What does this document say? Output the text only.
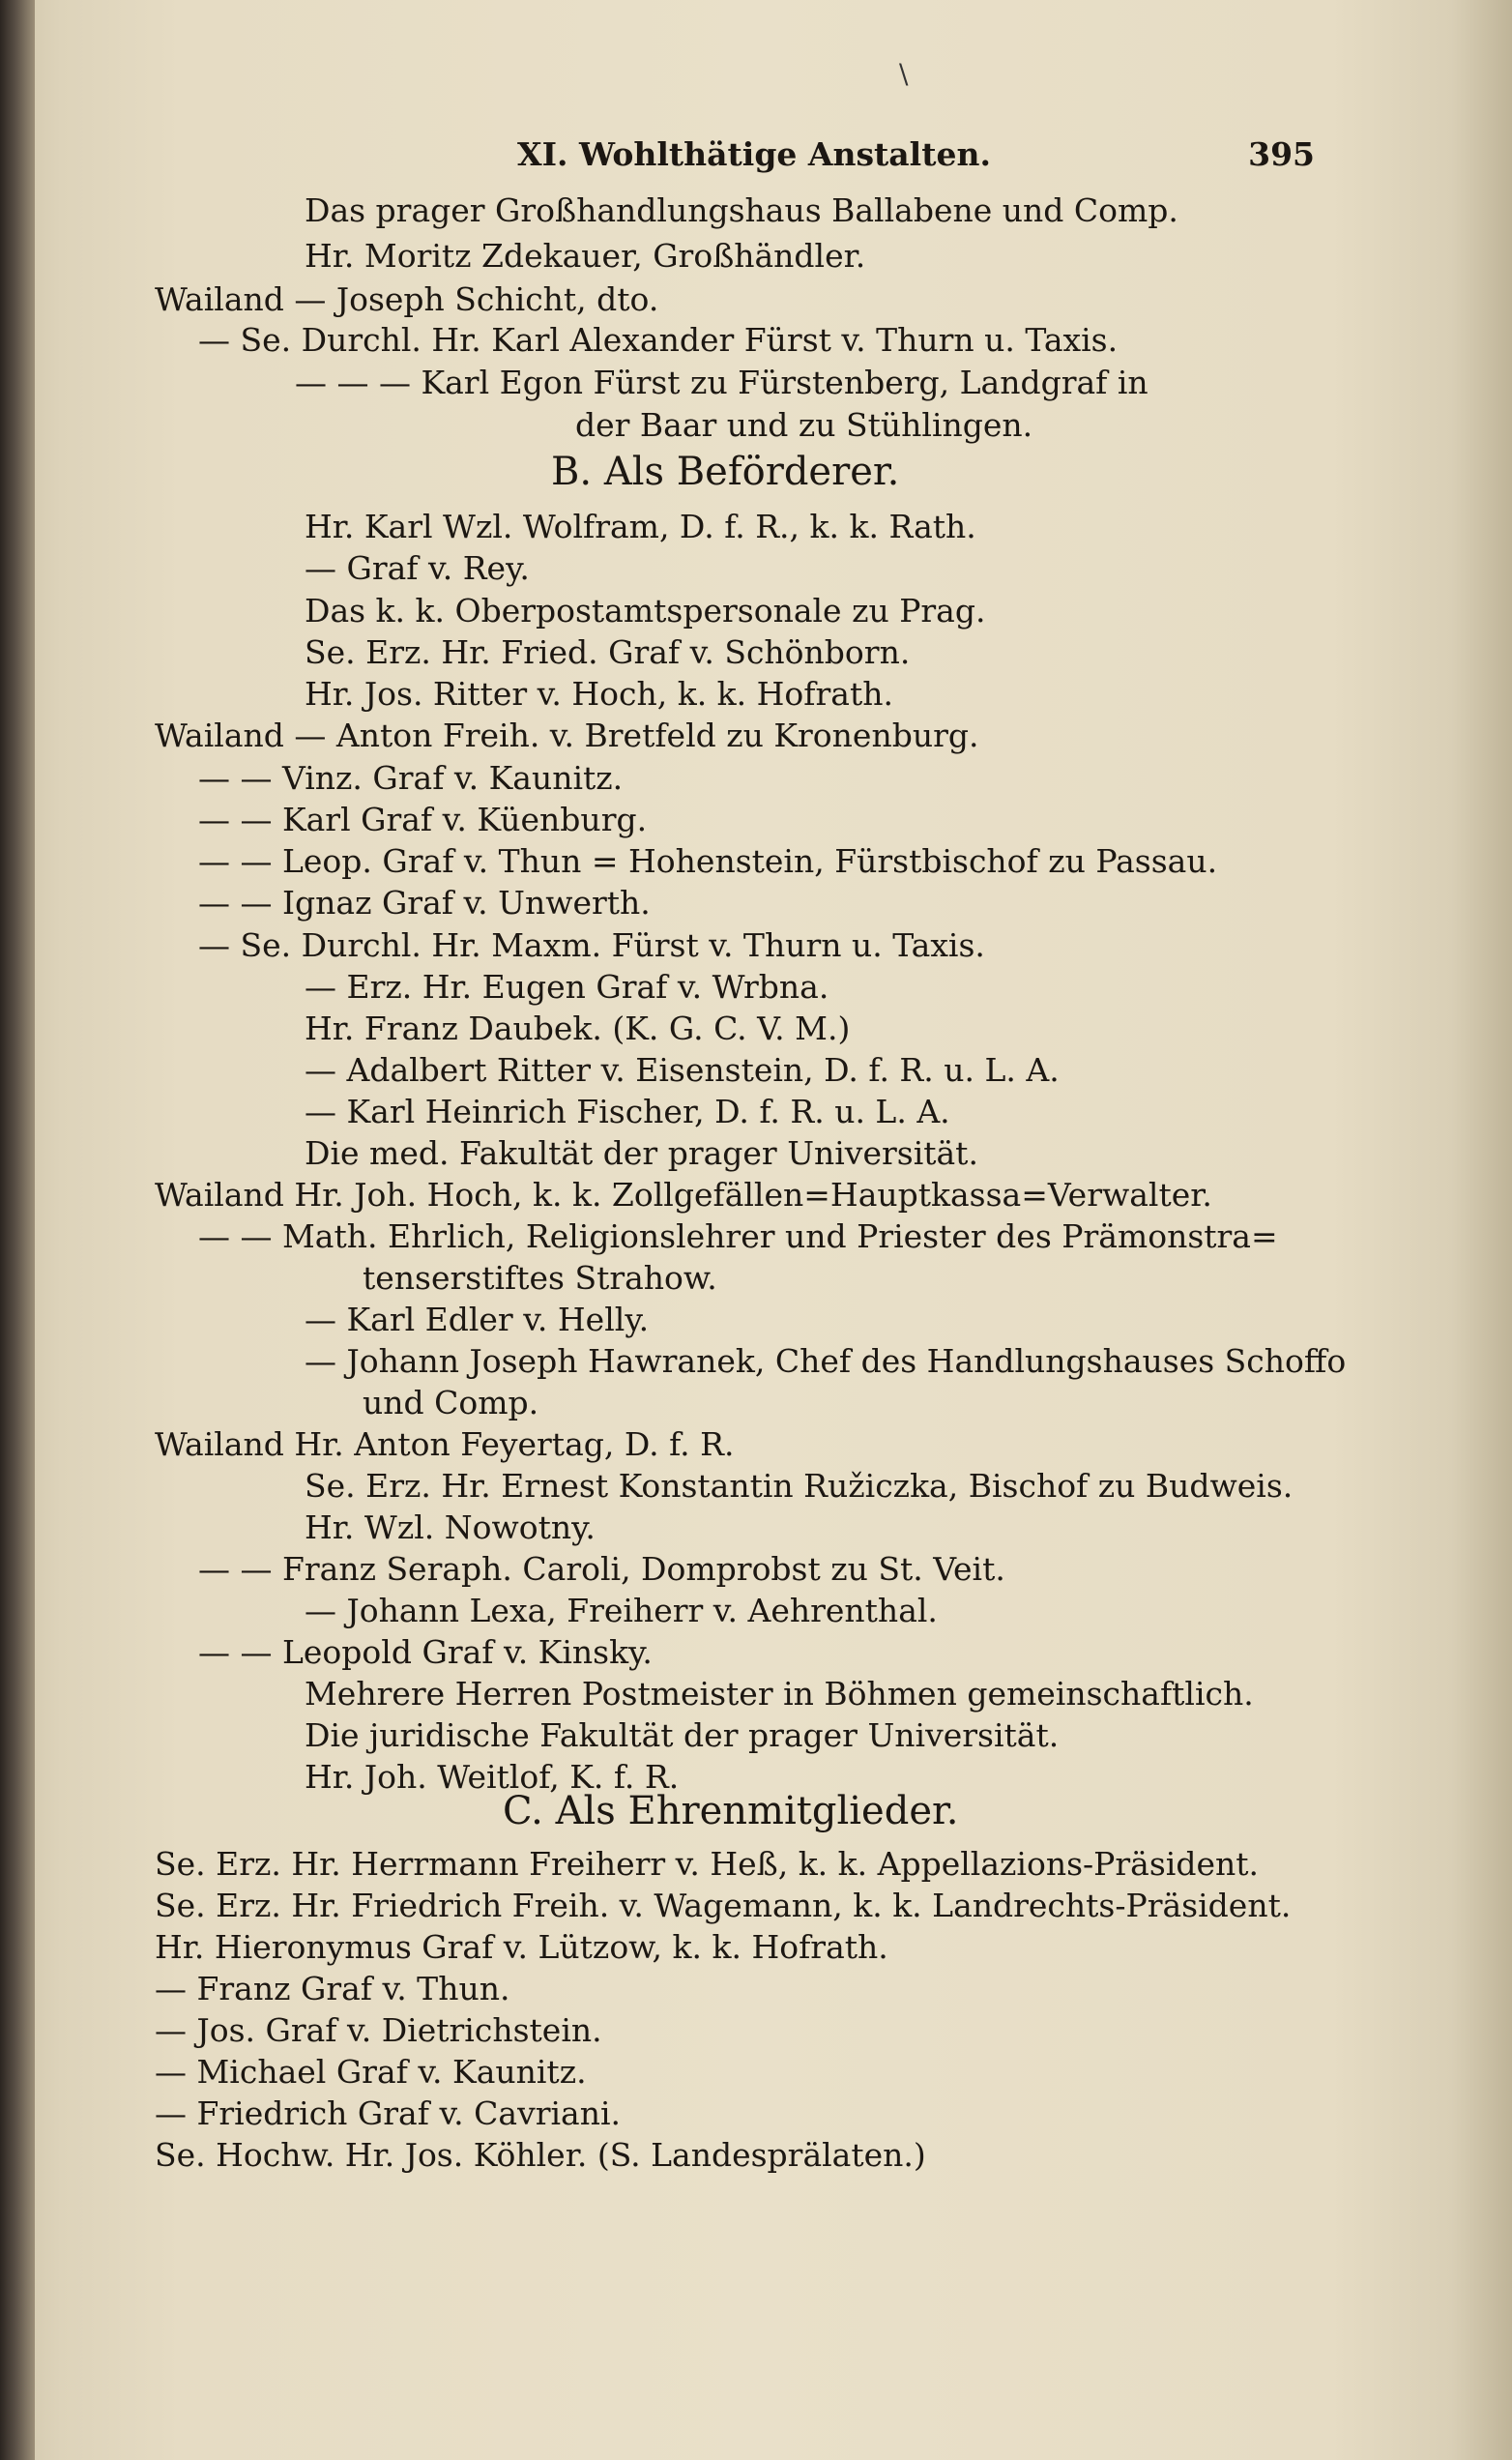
\
XI. Wohlthätige Anstalten.	395
Das prager Großhandlungshaus Ballabene und Comp.
Hr. Moritz Zdekauer, Großhändler.
Wailand — Joseph Schicht, dto.
— Se. Durchl. Hr. Karl Alexander Fürst v. Thurn u. Taxis.
— — — Karl Egon Fürst zu Fürstenberg, Landgraf in
der Baar und zu Stühlingen.
B. Als Beförderer.
Hr. Karl Wzl. Wolfram, D. f. R., k. k. Rath.
— Graf v. Rey.
Das k. k. Oberpostamtspersonale zu Prag.
Se. Erz. Hr. Fried. Graf v. Schönborn.
Hr. Jos. Ritter v. Hoch, k. k. Hofrath.
Wailand — Anton Freih. v. Bretfeld zu Kronenburg.
— — Vinz. Graf v. Kaunitz.
— — Karl Graf v. Küenburg.
— — Leop. Graf v. Thun = Hohenstein, Fürstbischof zu Passau.
— — Ignaz Graf v. Unwerth.
— Se. Durchl. Hr. Maxm. Fürst v. Thurn u. Taxis.
— Erz. Hr. Eugen Graf v. Wrbna.
Hr. Franz Daubek. (K. G. C. V. M.)
— Adalbert Ritter v. Eisenstein, D. f. R. u. L. A.
— Karl Heinrich Fischer, D. f. R. u. L. A.
Die med. Fakultät der prager Universität.
Wailand Hr. Joh. Hoch, k. k. Zollgefällen=Hauptkassa=Verwalter.
— — Math. Ehrlich, Religionslehrer und Priester des Prämonstra=
tenserstiftes Strahow.
— Karl Edler v. Helly.
— Johann Joseph Hawranek, Chef des Handlungshauses Schoffo
und Comp.
Wailand Hr. Anton Feyertag, D. f. R.
Se. Erz. Hr. Ernest Konstantin Ružiczka, Bischof zu Budweis.
Hr. Wzl. Nowotny.
— — Franz Seraph. Caroli, Domprobst zu St. Veit.
— Johann Lexa, Freiherr v. Aehrenthal.
— — Leopold Graf v. Kinsky.
Mehrere Herren Postmeister in Böhmen gemeinschaftlich.
Die juridische Fakultät der prager Universität.
Hr. Joh. Weitlof, K. f. R.
C. Als Ehrenmitglieder.
Se. Erz. Hr. Herrmann Freiherr v. Heß, k. k. Appellazions-Präsident.
Se. Erz. Hr. Friedrich Freih. v. Wagemann, k. k. Landrechts-Präsident.
Hr. Hieronymus Graf v. Lützow, k. k. Hofrath.
— Franz Graf v. Thun.
— Jos. Graf v. Dietrichstein.
— Michael Graf v. Kaunitz.
— Friedrich Graf v. Cavriani.
Se. Hochw. Hr. Jos. Köhler. (S. Landesprälaten.)
